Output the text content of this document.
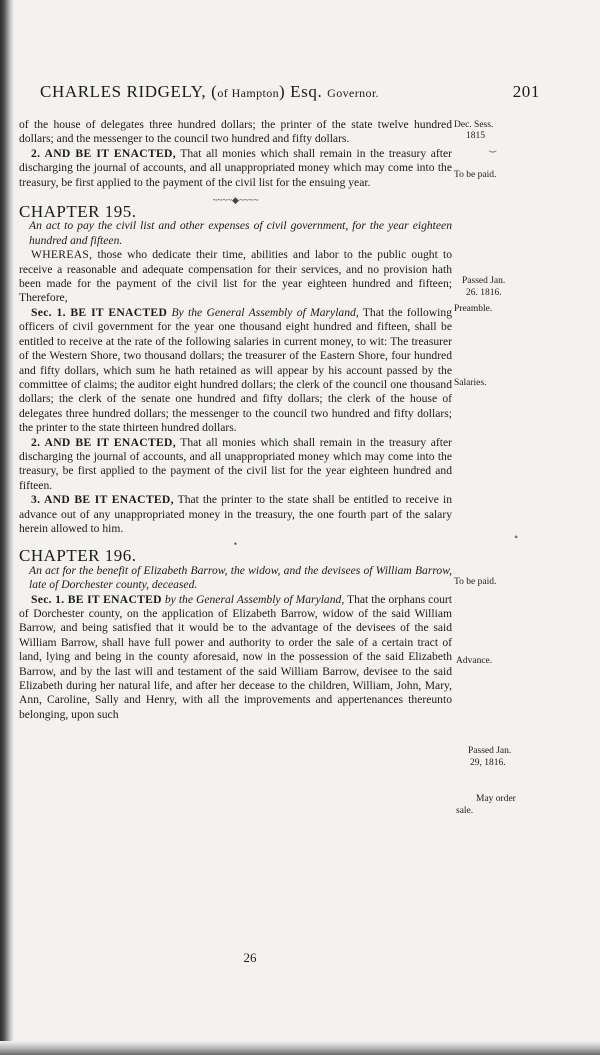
CHARLES RIDGELY, (of Hampton) Esq. Governor.	201

of the house of delegates three hundred dollars; the printer of the state twelve hundred dollars; and the messenger to the council two hundred and fifty dollars.

2. AND BE IT ENACTED, That all monies which shall remain in the treasury after discharging the journal of accounts, and all unappropriated money which may come into the treasury, be first applied to the payment of the civil list for the ensuing year.

~~~~◆~~~~

CHAPTER 195.

An act to pay the civil list and other expenses of civil government, for the year eighteen hundred and fifteen.

WHEREAS, those who dedicate their time, abilities and labor to the public ought to receive a reasonable and adequate compensation for their services, and no provision hath been made for the payment of the civil list for the year eighteen hundred and fifteen; Therefore,

Sec. 1. BE IT ENACTED By the General Assembly of Maryland, That the following officers of civil government for the year one thousand eight hundred and fifteen, shall be entitled to receive at the rate of the following salaries in current money, to wit: The treasurer of the Western Shore, two thousand dollars; the treasurer of the Eastern Shore, four hundred and fifty dollars, which sum he hath retained as will appear by his account passed by the committee of claims; the auditor eight hundred dollars; the clerk of the council one thousand dollars; the clerk of the senate one hundred and fifty dollars; the clerk of the house of delegates three hundred dollars; the messenger to the council two hundred and fifty dollars; the printer to the state thirteen hundred dollars.

2. AND BE IT ENACTED, That all monies which shall remain in the treasury after discharging the journal of accounts, and all unappropriated money which may come into the treasury, be first applied to the payment of the civil list for the year eighteen hundred and fifteen.

3. AND BE IT ENACTED, That the printer to the state shall be entitled to receive in advance out of any unappropriated money in the treasury, the one fourth part of the salary herein allowed to him.

•

CHAPTER 196.

An act for the benefit of Elizabeth Barrow, the widow, and the devisees of William Barrow, late of Dorchester county, deceased.

Sec. 1. BE IT ENACTED by the General Assembly of Maryland, That the orphans court of Dorchester county, on the application of Elizabeth Barrow, widow of the said William Barrow, and being satisfied that it would be to the advantage of the devisees of the said William Barrow, shall have full power and authority to order the sale of a certain tract of land, lying and being in the county aforesaid, now in the possession of the said Elizabeth Barrow, and by the last will and testament of the said William Barrow, devisee to the said Elizabeth during her natural life, and after her decease to the children, William, John, Mary, Ann, Caroline, Sally and Henry, with all the improvements and appertenances thereunto belonging, upon such

Dec. Sess.
1815
To be paid.
Passed Jan.
26. 1816.
Preamble.
Salaries.
To be paid.
Advance.
Passed Jan.
29, 1816.
May order
sale.
⌣
•
26
